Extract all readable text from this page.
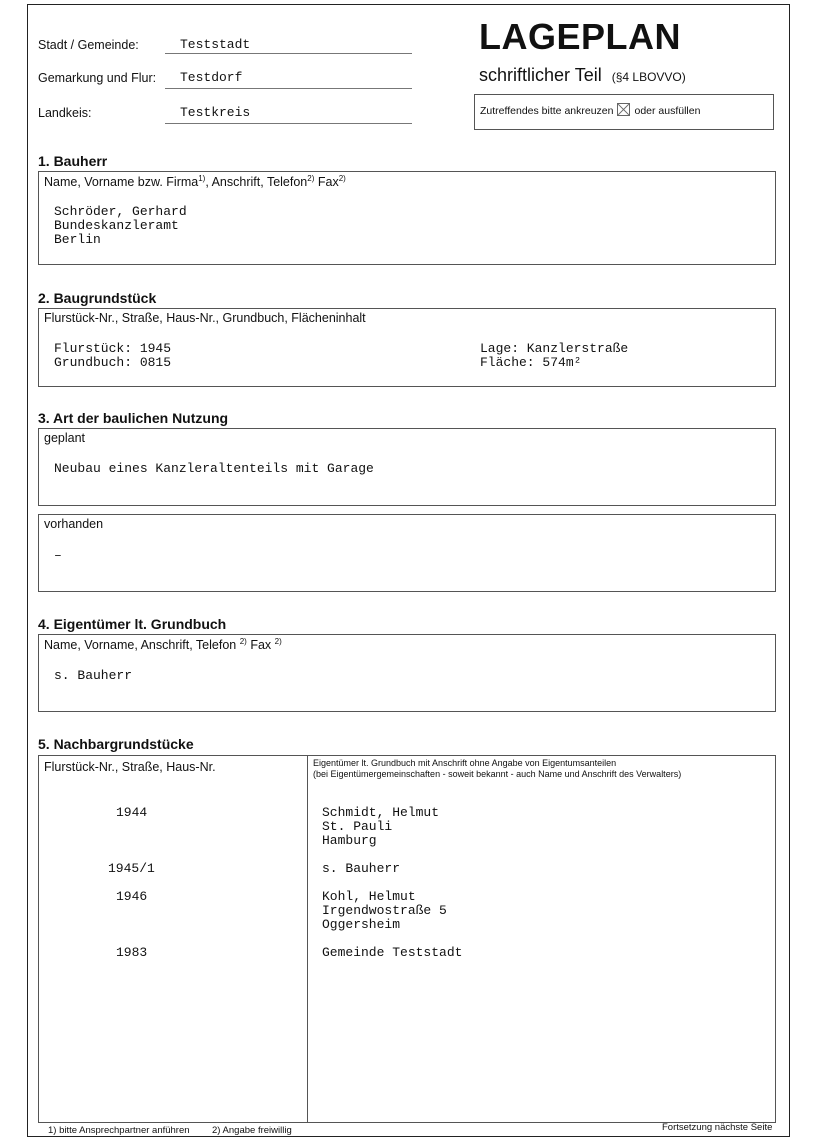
Stadt / Gemeinde:	Teststadt
Gemarkung und Flur: Testdorf
Landkeis:	Testkreis
LAGEPLAN
schriftlicher Teil (§4 LBOVVO)
Zutreffendes bitte ankreuzen oder ausfüllen
1. Bauherr
Name, Vorname bzw. Firma$^{1)}$, Anschrift, Telefon$^{2)}$ Fax$^{2)}$
Schröder, Gerhard
Bundeskanzleramt
Berlin
2. Baugrundstück
Flurstück-Nr., Straße, Haus-Nr., Grundbuch, Flächeninhalt
Flurstück: 1945
Grundbuch: 0815
Lage: Kanzlerstraße
Fläche: 574m²
3. Art der baulichen Nutzung
geplant
Neubau eines Kanzleraltenteils mit Garage
vorhanden
–
4. Eigentümer lt. Grundbuch
Name, Vorname, Anschrift, Telefon $^{2)}$ Fax $^{2)}$
s. Bauherr
5. Nachbargrundstücke
Flurstück-Nr., Straße, Haus-Nr.	Eigentümer lt. Grundbuch mit Anschrift ohne Angabe von Eigentumsanteilen
(bei Eigentümergemeinschaften - soweit bekannt - auch Name und Anschrift des Verwalters)
1944	Schmidt, Helmut
St. Pauli
Hamburg
1945/1	s. Bauherr
1946	Kohl, Helmut
Irgendwostraße 5
Oggersheim
1983	Gemeinde Teststadt
1) bitte Ansprechpartner anführen 2) Angabe freiwillig	Fortsetzung nächste Seite
